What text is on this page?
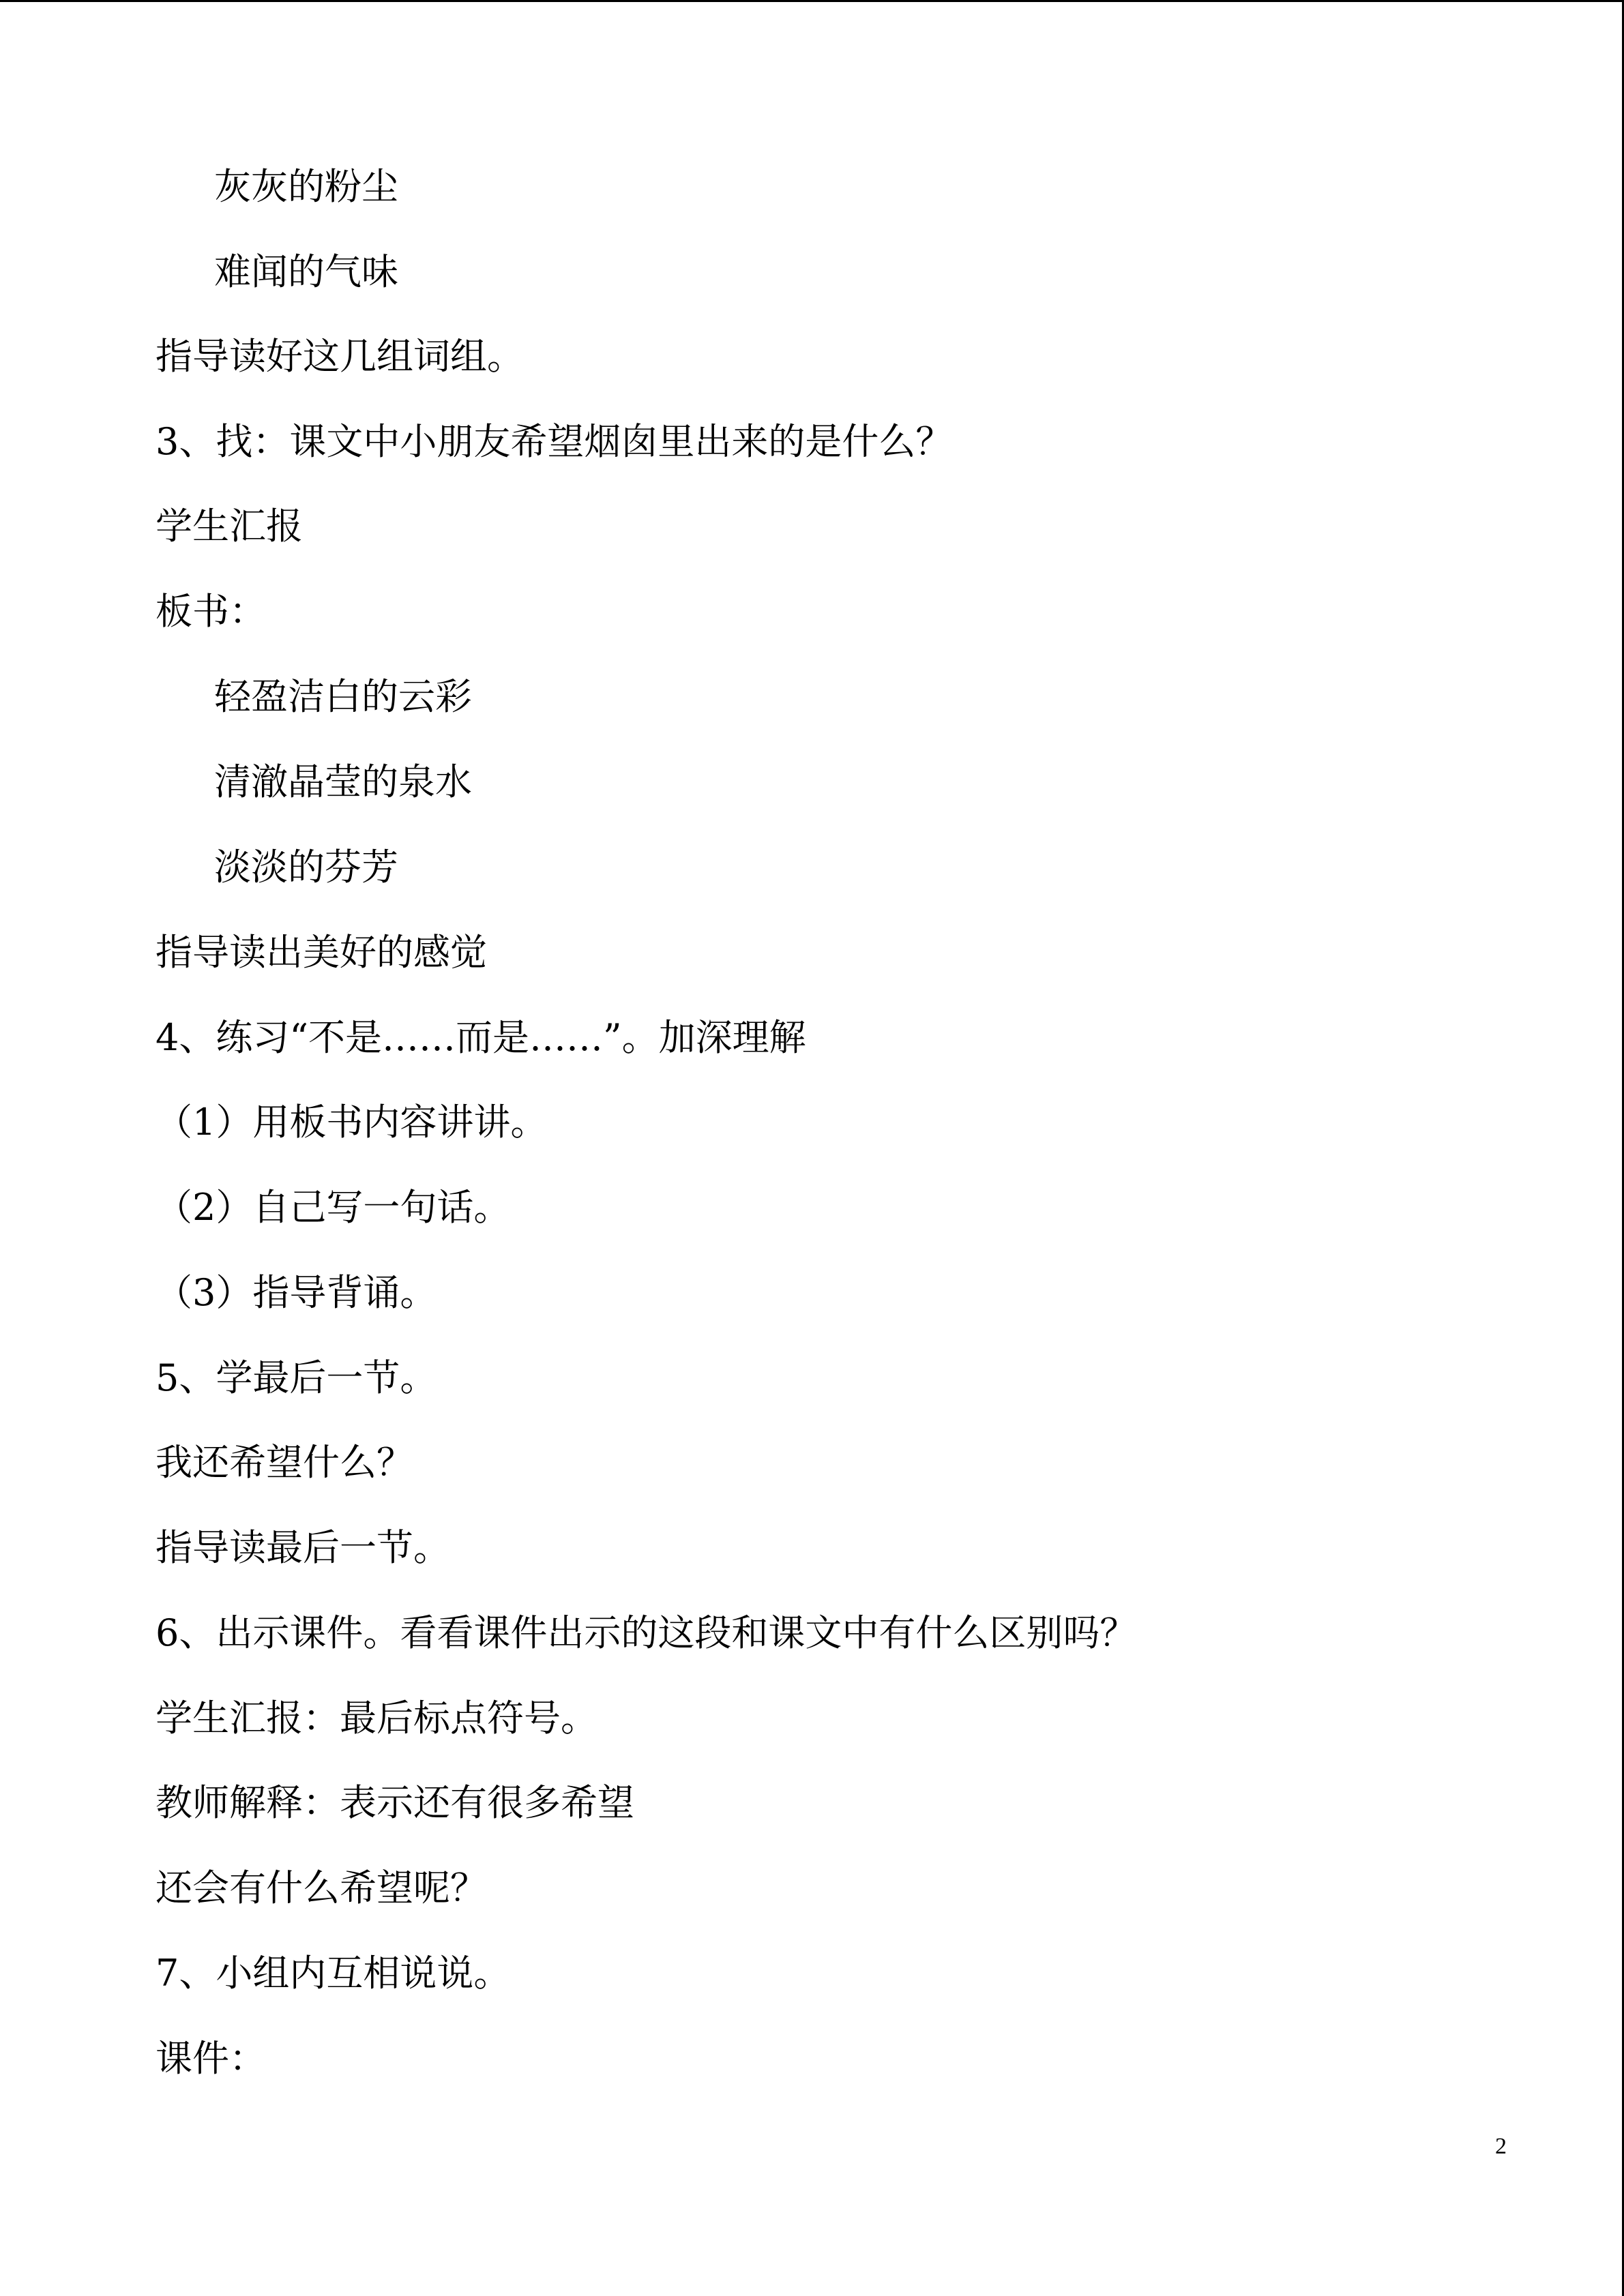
灰灰的粉尘
难闻的气味
指导读好这几组词组。
3、找：课文中小朋友希望烟囱里出来的是什么？
学生汇报
板书：
轻盈洁白的云彩
清澈晶莹的泉水
淡淡的芬芳
指导读出美好的感觉
4、练习“不是……而是……”。加深理解
（1）用板书内容讲讲。
（2）自己写一句话。
（3）指导背诵。
5、学最后一节。
我还希望什么？
指导读最后一节。
6、出示课件。看看课件出示的这段和课文中有什么区别吗？
学生汇报：最后标点符号。
教师解释：表示还有很多希望
还会有什么希望呢？
7、小组内互相说说。
课件：
2
